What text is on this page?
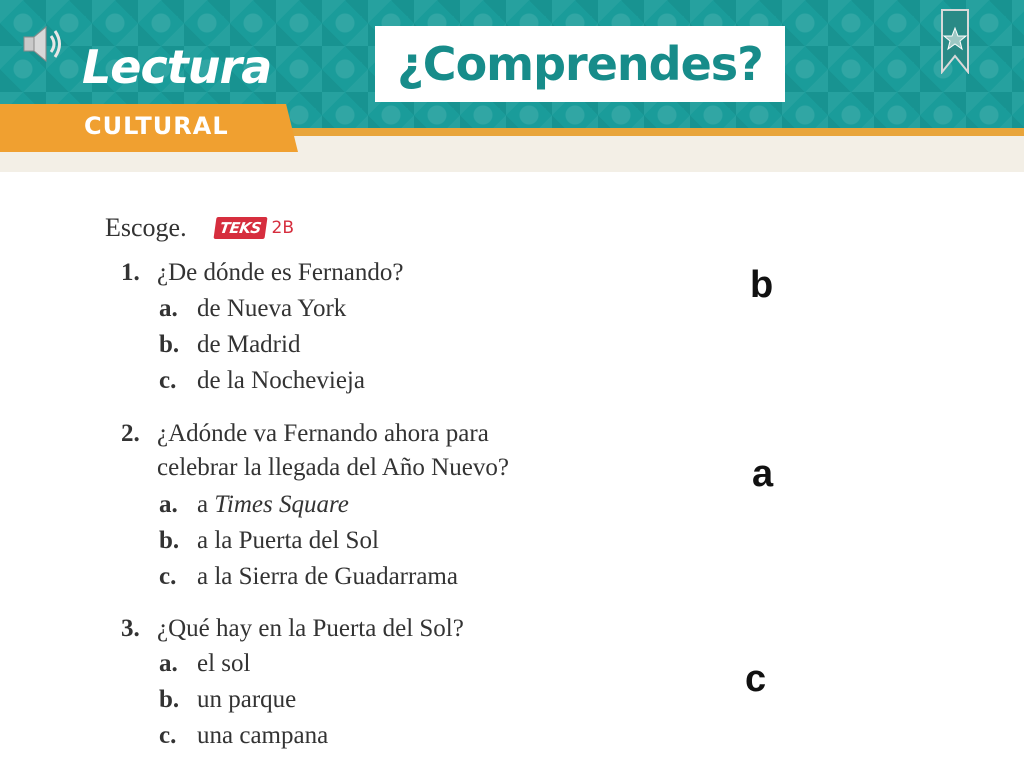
Lectura
CULTURAL
¿Comprendes?
Escoge.	TEKS 2B
1. ¿De dónde es Fernando?
a. de Nueva York
b. de Madrid
c. de la Nochevieja
b
2. ¿Adónde va Fernando ahora para
celebrar la llegada del Año Nuevo?
a. a Times Square
b. a la Puerta del Sol
c. a la Sierra de Guadarrama
a
3. ¿Qué hay en la Puerta del Sol?
a. el sol
b. un parque
c. una campana
c
